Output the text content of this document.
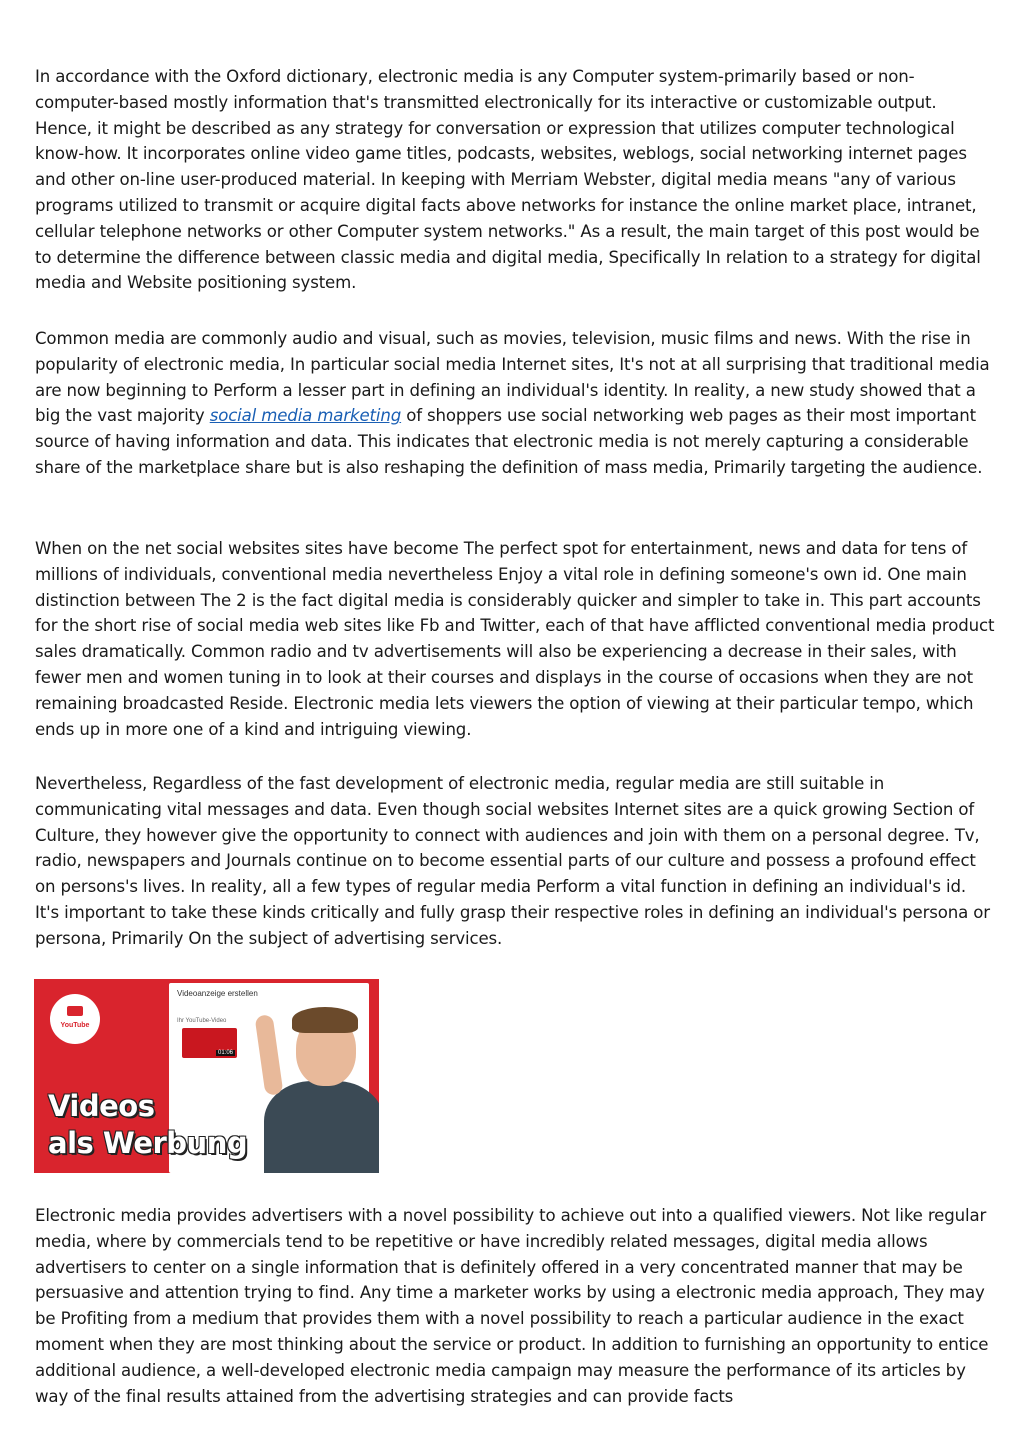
In accordance with the Oxford dictionary, electronic media is any Computer system-primarily based or non-computer-based mostly information that's transmitted electronically for its interactive or customizable output. Hence, it might be described as any strategy for conversation or expression that utilizes computer technological know-how. It incorporates online video game titles, podcasts, websites, weblogs, social networking internet pages and other on-line user-produced material. In keeping with Merriam Webster, digital media means "any of various programs utilized to transmit or acquire digital facts above networks for instance the online market place, intranet, cellular telephone networks or other Computer system networks." As a result, the main target of this post would be to determine the difference between classic media and digital media, Specifically In relation to a strategy for digital media and Website positioning system.

Common media are commonly audio and visual, such as movies, television, music films and news. With the rise in popularity of electronic media, In particular social media Internet sites, It's not at all surprising that traditional media are now beginning to Perform a lesser part in defining an individual's identity. In reality, a new study showed that a big the vast majority social media marketing of shoppers use social networking web pages as their most important source of having information and data. This indicates that electronic media is not merely capturing a considerable share of the marketplace share but is also reshaping the definition of mass media, Primarily targeting the audience.

When on the net social websites sites have become The perfect spot for entertainment, news and data for tens of millions of individuals, conventional media nevertheless Enjoy a vital role in defining someone's own id. One main distinction between The 2 is the fact digital media is considerably quicker and simpler to take in. This part accounts for the short rise of social media web sites like Fb and Twitter, each of that have afflicted conventional media product sales dramatically. Common radio and tv advertisements will also be experiencing a decrease in their sales, with fewer men and women tuning in to look at their courses and displays in the course of occasions when they are not remaining broadcasted Reside. Electronic media lets viewers the option of viewing at their particular tempo, which ends up in more one of a kind and intriguing viewing.

Nevertheless, Regardless of the fast development of electronic media, regular media are still suitable in communicating vital messages and data. Even though social websites Internet sites are a quick growing Section of Culture, they however give the opportunity to connect with audiences and join with them on a personal degree. Tv, radio, newspapers and Journals continue on to become essential parts of our culture and possess a profound effect on persons's lives. In reality, all a few types of regular media Perform a vital function in defining an individual's id. It's important to take these kinds critically and fully grasp their respective roles in defining an individual's persona or persona, Primarily On the subject of advertising services.

Videoanzeige erstellen
Ihr YouTube-Video
01:06
YouTube
Videos
als Werbung

Electronic media provides advertisers with a novel possibility to achieve out into a qualified viewers. Not like regular media, where by commercials tend to be repetitive or have incredibly related messages, digital media allows advertisers to center on a single information that is definitely offered in a very concentrated manner that may be persuasive and attention trying to find. Any time a marketer works by using a electronic media approach, They may be Profiting from a medium that provides them with a novel possibility to reach a particular audience in the exact moment when they are most thinking about the service or product. In addition to furnishing an opportunity to entice additional audience, a well-developed electronic media campaign may measure the performance of its articles by way of the final results attained from the advertising strategies and can provide facts
